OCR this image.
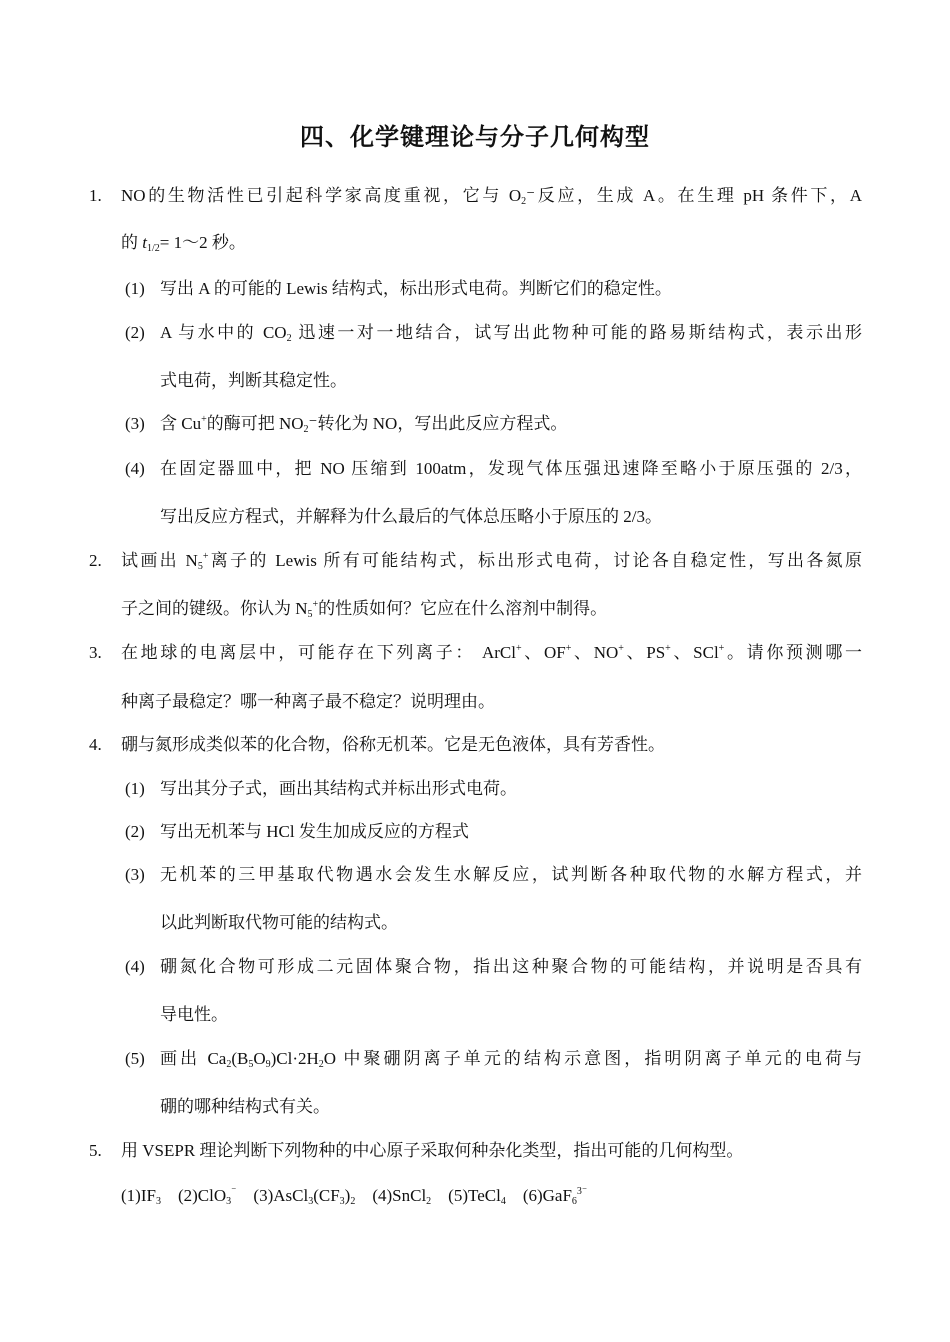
四、化学键理论与分子几何构型
1. NO的生物活性已引起科学家高度重视，它与 $O_2^-$反应，生成 A。在生理 pH 条件下，A
的 $t_{1/2}=$ 1～2 秒。
(1) 写出 A 的可能的 Lewis 结构式，标出形式电荷。判断它们的稳定性。
(2) A 与水中的 $CO_2$ 迅速一对一地结合，试写出此物种可能的路易斯结构式，表示出形
式电荷，判断其稳定性。
(3) 含 Cu+的酶可把 $NO_2^-$转化为 NO，写出此反应方程式。
(4) 在固定器皿中，把 NO 压缩到 100atm，发现气体压强迅速降至略小于原压强的 2/3，
写出反应方程式，并解释为什么最后的气体总压略小于原压的 2/3。
2. 试画出 $N_5^+$离子的 Lewis 所有可能结构式，标出形式电荷，讨论各自稳定性，写出各氮原
子之间的键级。你认为 $N_5^+$的性质如何？它应在什么溶剂中制得。
3. 在地球的电离层中，可能存在下列离子： ArCl+、OF+、NO+、PS+、SCl+。请你预测哪一
种离子最稳定？哪一种离子最不稳定？说明理由。
4. 硼与氮形成类似苯的化合物，俗称无机苯。它是无色液体，具有芳香性。
(1) 写出其分子式，画出其结构式并标出形式电荷。
(2) 写出无机苯与 HCl 发生加成反应的方程式
(3) 无机苯的三甲基取代物遇水会发生水解反应，试判断各种取代物的水解方程式，并
以此判断取代物可能的结构式。
(4) 硼氮化合物可形成二元固体聚合物，指出这种聚合物的可能结构，并说明是否具有
导电性。
(5) 画出 $Ca_2(B_5O_9)Cl\cdot 2H_2O$ 中聚硼阴离子单元的结构示意图，指明阴离子单元的电荷与
硼的哪种结构式有关。
5. 用 VSEPR 理论判断下列物种的中心原子采取何种杂化类型，指出可能的几何构型。
$(1)IF_3$ (2)ClO$_3$⁻ $(3)AsCl_3(CF_3)_2$ (4)SnCl$_2$ (5)TeCl$_4$ (6)GaF$_6^{3^-}$
